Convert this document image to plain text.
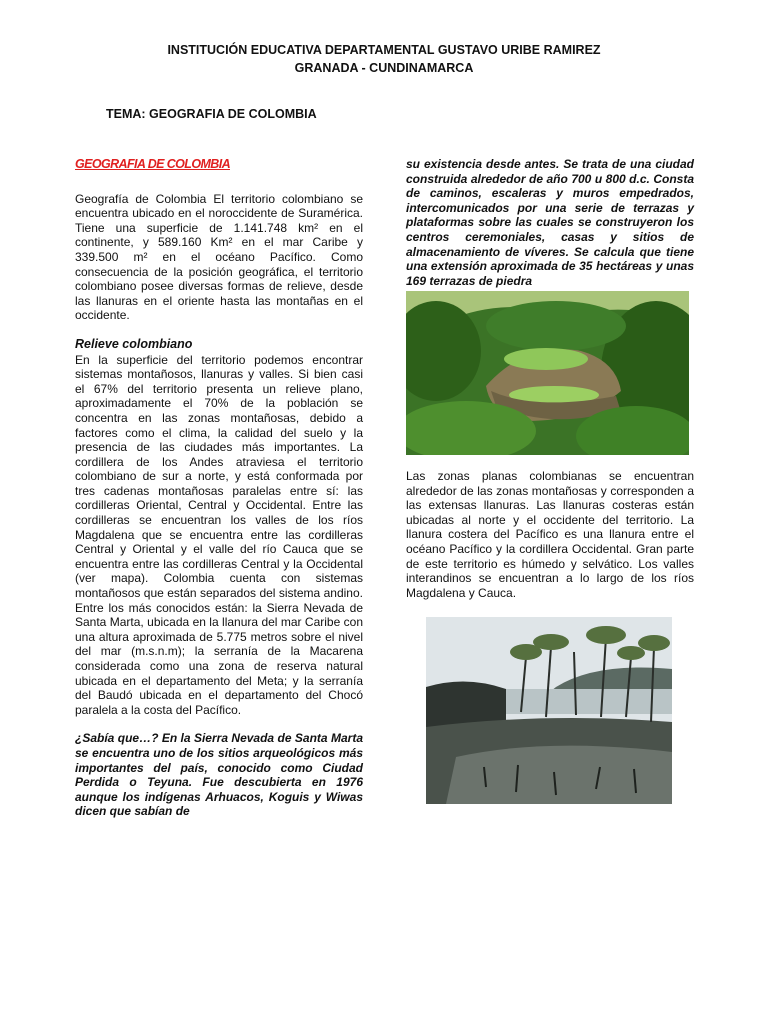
INSTITUCIÓN EDUCATIVA DEPARTAMENTAL GUSTAVO URIBE RAMIREZ
GRANADA - CUNDINAMARCA
TEMA: GEOGRAFIA DE COLOMBIA
GEOGRAFIA DE COLOMBIA

Geografía de Colombia El territorio colombiano se encuentra ubicado en el noroccidente de Suramérica. Tiene una superficie de 1.141.748 km² en el continente, y 589.160 Km² en el mar Caribe y 339.500 m² en el océano Pacífico. Como consecuencia de la posición geográfica, el territorio colombiano posee diversas formas de relieve, desde las llanuras en el oriente hasta las montañas en el occidente.

Relieve colombiano

En la superficie del territorio podemos encontrar sistemas montañosos, llanuras y valles. Si bien casi el 67% del territorio presenta un relieve plano, aproximadamente el 70% de la población se concentra en las zonas montañosas, debido a factores como el clima, la calidad del suelo y la presencia de las ciudades más importantes. La cordillera de los Andes atraviesa el territorio colombiano de sur a norte, y está conformada por tres cadenas montañosas paralelas entre sí: las cordilleras Oriental, Central y Occidental. Entre las cordilleras se encuentran los valles de los ríos Magdalena que se encuentra entre las cordilleras Central y Oriental y el valle del río Cauca que se encuentra entre las cordilleras Central y la Occidental (ver mapa). Colombia cuenta con sistemas montañosos que están separados del sistema andino. Entre los más conocidos están: la Sierra Nevada de Santa Marta, ubicada en la llanura del mar Caribe con una altura aproximada de 5.775 metros sobre el nivel del mar (m.s.n.m); la serranía de la Macarena considerada como una zona de reserva natural ubicada en el departamento del Meta; y la serranía del Baudó ubicada en el departamento del Chocó paralela a la costa del Pacífico.

¿Sabía que…? En la Sierra Nevada de Santa Marta se encuentra uno de los sitios arqueológicos más importantes del país, conocido como Ciudad Perdida o Teyuna. Fue descubierta en 1976 aunque los indígenas Arhuacos, Koguis y Wiwas dicen que sabían de

su existencia desde antes. Se trata de una ciudad construida alrededor de año 700 u 800 d.c. Consta de caminos, escaleras y muros empedrados, intercomunicados por una serie de terrazas y plataformas sobre las cuales se construyeron los centros ceremoniales, casas y sitios de almacenamiento de víveres. Se calcula que tiene una extensión aproximada de 35 hectáreas y unas 169 terrazas de piedra

Las zonas planas colombianas se encuentran alrededor de las zonas montañosas y corresponden a las extensas llanuras. Las llanuras costeras están ubicadas al norte y el occidente del territorio. La llanura costera del Pacífico es una llanura entre el océano Pacífico y la cordillera Occidental. Gran parte de este territorio es húmedo y selvático. Los valles interandinos se encuentran a lo largo de los ríos Magdalena y Cauca.
